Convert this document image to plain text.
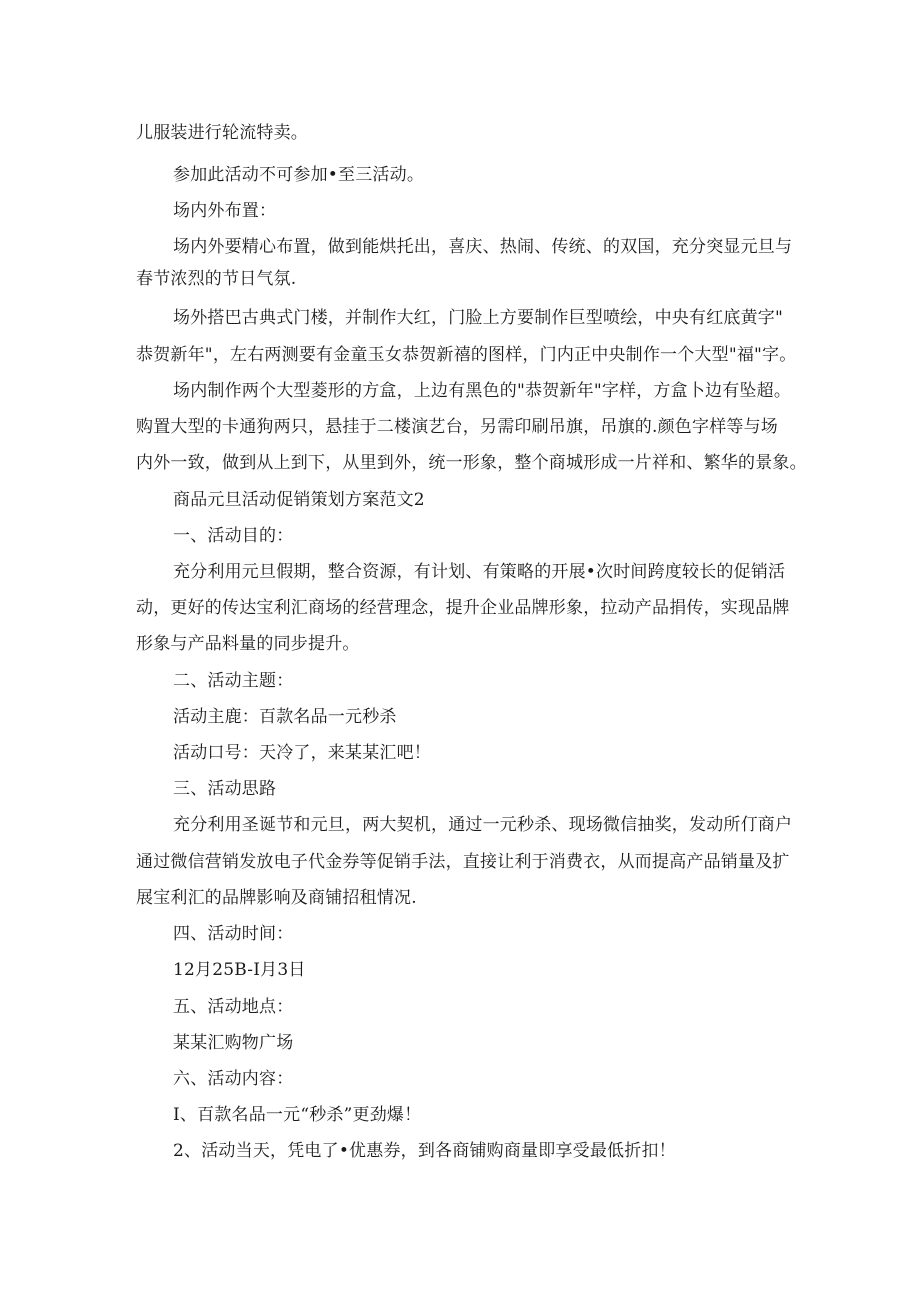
儿服装进行轮流特卖。
参加此活动不可参加•至三活动。
场内外布置：
场内外要精心布置，做到能烘托出，喜庆、热闹、传统、的双国，充分突显元旦与
春节浓烈的节日气氛.
场外搭巴古典式门楼，并制作大红，门脸上方要制作巨型喷绘，中央有红底黄字"
恭贺新年"，左右两测要有金童玉女恭贺新禧的图样，门内正中央制作一个大型"福"字。
场内制作两个大型菱形的方盒，上边有黑色的"恭贺新年"字样，方盒卜边有坠超。
购置大型的卡通狗两只，悬挂于二楼演艺台，另需印刷吊旗，吊旗的.颜色字样等与场
内外一致，做到从上到下，从里到外，统一形象，整个商城形成一片祥和、繁华的景象。
商品元旦活动促销策划方案范文2
一、活动目的：
充分利用元旦假期，整合资源，有计划、有策略的开展•次时间跨度较长的促销活
动，更好的传达宝利汇商场的经营理念，提升企业品牌形象，拉动产品捐传，实现品牌
形象与产品料量的同步提升。
二、活动主题：
活动主鹿：百款名品一元秒杀
活动口号：天冷了，来某某汇吧！
三、活动思路
充分利用圣诞节和元旦，两大契机，通过一元秒杀、现场微信抽奖，发动所仃商户
通过微信营销发放电子代金券等促销手法，直接让利于消费衣，从而提高产品销量及扩
展宝利汇的品牌影响及商铺招租情况.
四、活动时间：
12月25B-I月3日
五、活动地点：
某某汇购物广场
六、活动内容：
I、百款名品一元“秒杀”更劲爆！
2、活动当天，凭电了•优惠券，到各商铺购商量即享受最低折扣！
